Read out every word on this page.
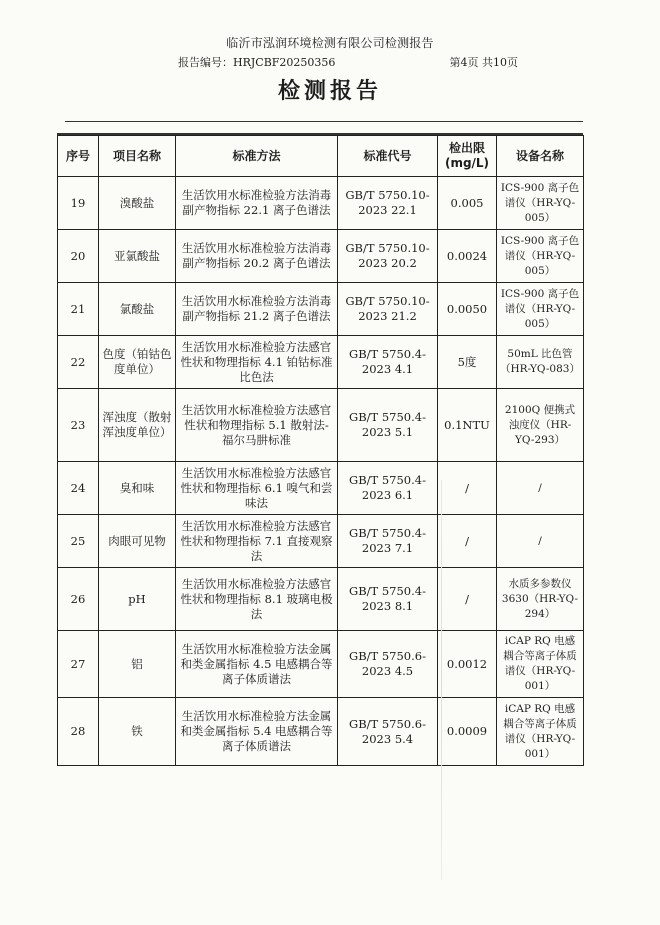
临沂市泓润环境检测有限公司检测报告
报告编号：HRJCBF20250356	第4页 共10页
检测报告
序号	项目名称	标准方法	标准代号	检出限(mg/L)	设备名称
19	溴酸盐	生活饮用水标准检验方法消毒副产物指标 22.1 离子色谱法	GB/T 5750.10-2023 22.1	0.005	ICS-900 离子色谱仪（HR-YQ-005）
20	亚氯酸盐	生活饮用水标准检验方法消毒副产物指标 20.2 离子色谱法	GB/T 5750.10-2023 20.2	0.0024	ICS-900 离子色谱仪（HR-YQ-005）
21	氯酸盐	生活饮用水标准检验方法消毒副产物指标 21.2 离子色谱法	GB/T 5750.10-2023 21.2	0.0050	ICS-900 离子色谱仪（HR-YQ-005）
22	色度（铂钴色度单位）	生活饮用水标准检验方法感官性状和物理指标 4.1 铂钴标准比色法	GB/T 5750.4-2023 4.1	5度	50mL 比色管（HR-YQ-083）
23	浑浊度（散射浑浊度单位）	生活饮用水标准检验方法感官性状和物理指标 5.1 散射法-福尔马肼标准	GB/T 5750.4-2023 5.1	0.1NTU	2100Q 便携式浊度仪（HR-YQ-293）
24	臭和味	生活饮用水标准检验方法感官性状和物理指标 6.1 嗅气和尝味法	GB/T 5750.4-2023 6.1	/	/
25	肉眼可见物	生活饮用水标准检验方法感官性状和物理指标 7.1 直接观察法	GB/T 5750.4-2023 7.1	/	/
26	pH	生活饮用水标准检验方法感官性状和物理指标 8.1 玻璃电极法	GB/T 5750.4-2023 8.1	/	水质多参数仪 3630（HR-YQ-294）
27	铝	生活饮用水标准检验方法金属和类金属指标 4.5 电感耦合等离子体质谱法	GB/T 5750.6-2023 4.5	0.0012	iCAP RQ 电感耦合等离子体质谱仪（HR-YQ-001）
28	铁	生活饮用水标准检验方法金属和类金属指标 5.4 电感耦合等离子体质谱法	GB/T 5750.6-2023 5.4	0.0009	iCAP RQ 电感耦合等离子体质谱仪（HR-YQ-001）
